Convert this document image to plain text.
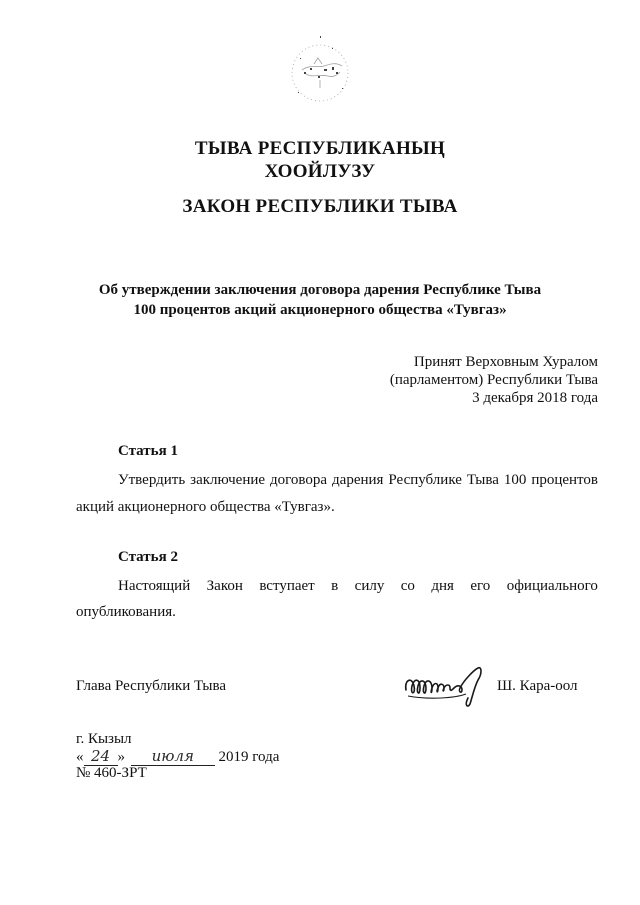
ТЫВА РЕСПУБЛИКАНЫҢ
ХООЙЛУЗУ
ЗАКОН РЕСПУБЛИКИ ТЫВА
Об утверждении заключения договора дарения Республике Тыва
100 процентов акций акционерного общества «Тувгаз»
Принят Верховным Хуралом
(парламентом) Республики Тыва
3 декабря 2018 года
Статья 1
Утвердить заключение договора дарения Республике Тыва 100 процентов
акций акционерного общества «Тувгаз».
Статья 2
Настоящий Закон вступает в силу со дня его официального
опубликования.
Глава Республики Тыва	Ш. Кара-оол
г. Кызыл
« 24 » июля 2019 года
№ 460-ЗРТ
